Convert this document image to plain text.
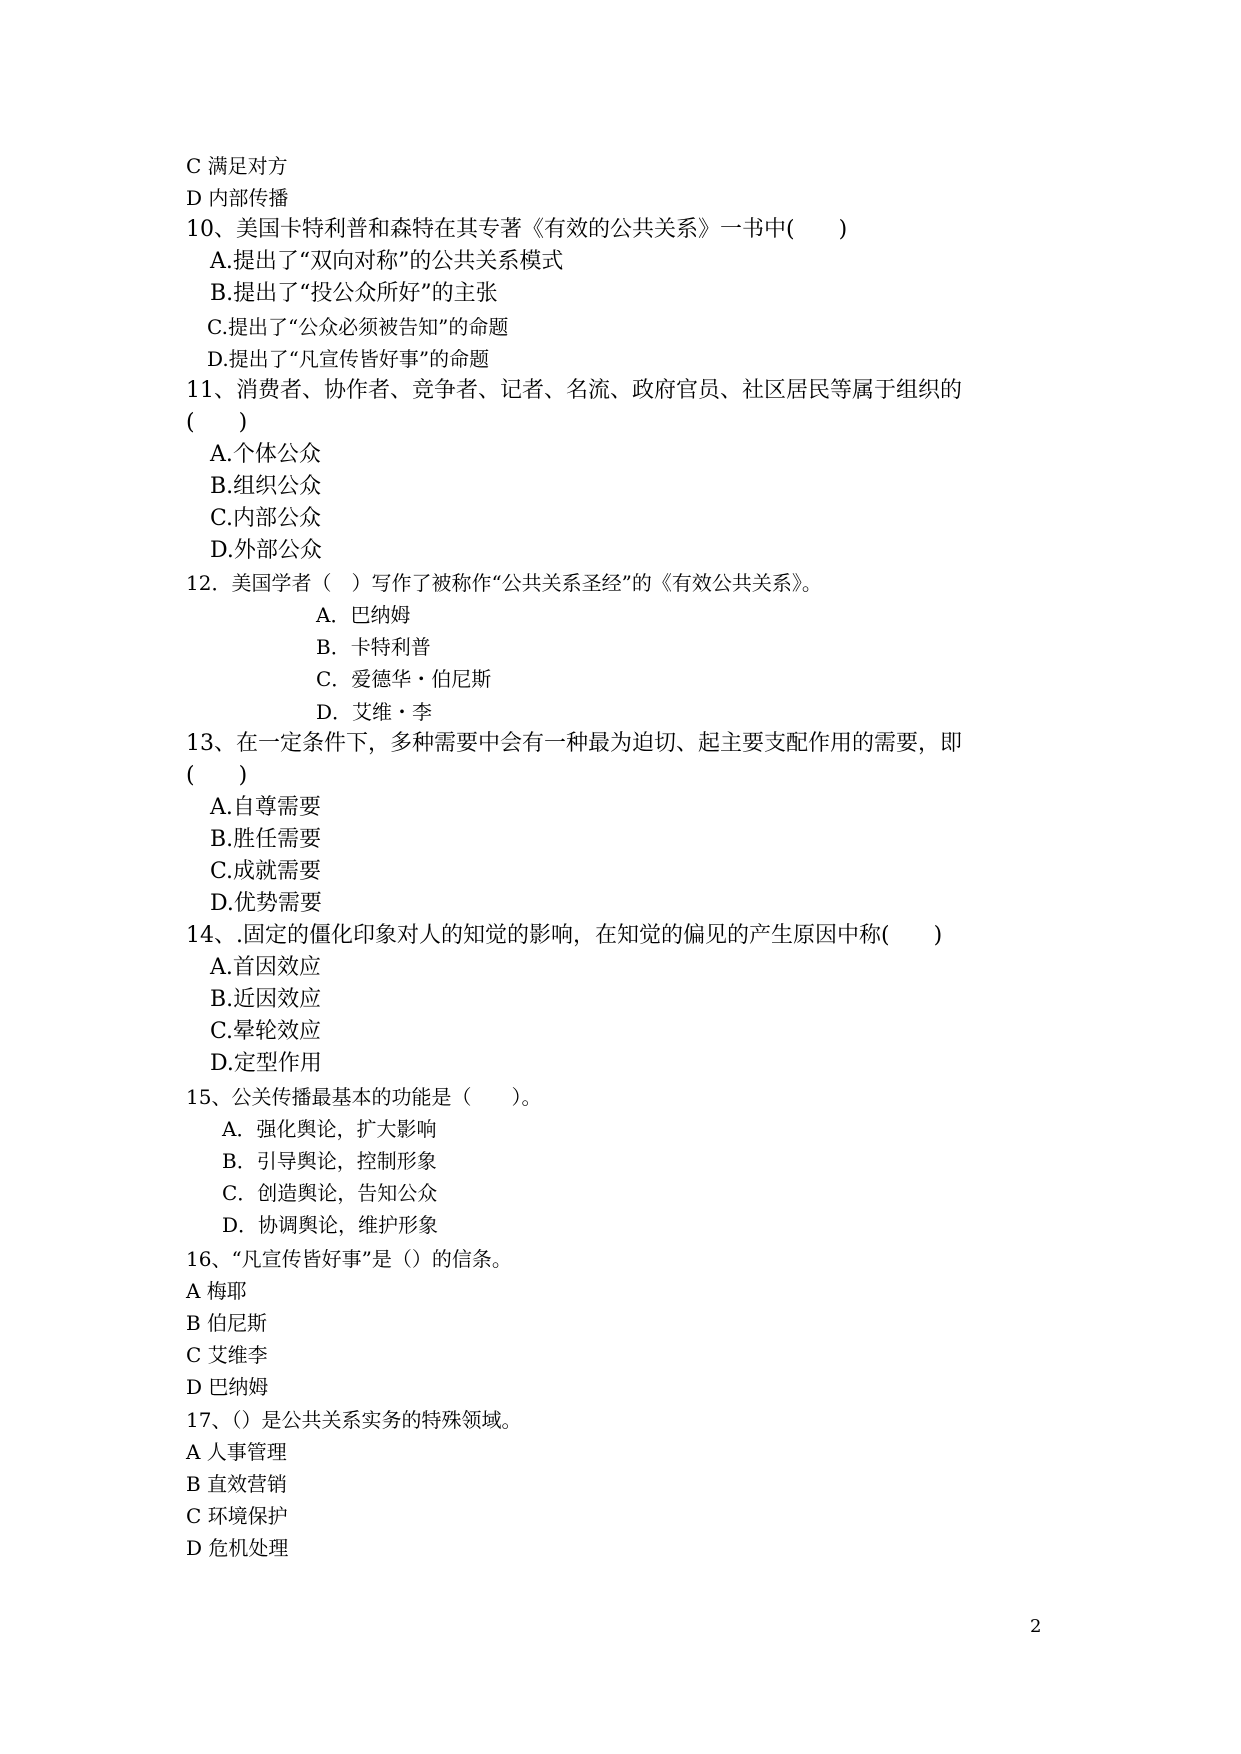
C 满足对方
D 内部传播
10、美国卡特利普和森特在其专著《有效的公共关系》一书中(　　)
A.提出了“双向对称”的公共关系模式
B.提出了“投公众所好”的主张
C.提出了“公众必须被告知”的命题
D.提出了“凡宣传皆好事”的命题
11、消费者、协作者、竞争者、记者、名流、政府官员、社区居民等属于组织的
(　　)
A.个体公众
B.组织公众
C.内部公众
D.外部公众
12．美国学者（　）写作了被称作“公共关系圣经”的《有效公共关系》。
A．巴纳姆
B．卡特利普
C．爱德华・伯尼斯
D．艾维・李
13、在一定条件下，多种需要中会有一种最为迫切、起主要支配作用的需要，即
(　　)
A.自尊需要
B.胜任需要
C.成就需要
D.优势需要
14、.固定的僵化印象对人的知觉的影响，在知觉的偏见的产生原因中称(　　)
A.首因效应
B.近因效应
C.晕轮效应
D.定型作用
15、公关传播最基本的功能是（　　）。
A．强化舆论，扩大影响
B．引导舆论，控制形象
C．创造舆论，告知公众
D．协调舆论，维护形象
16、“凡宣传皆好事”是（）的信条。
A 梅耶
B 伯尼斯
C 艾维李
D 巴纳姆
17、（）是公共关系实务的特殊领域。
A 人事管理
B 直效营销
C 环境保护
D 危机处理
2
